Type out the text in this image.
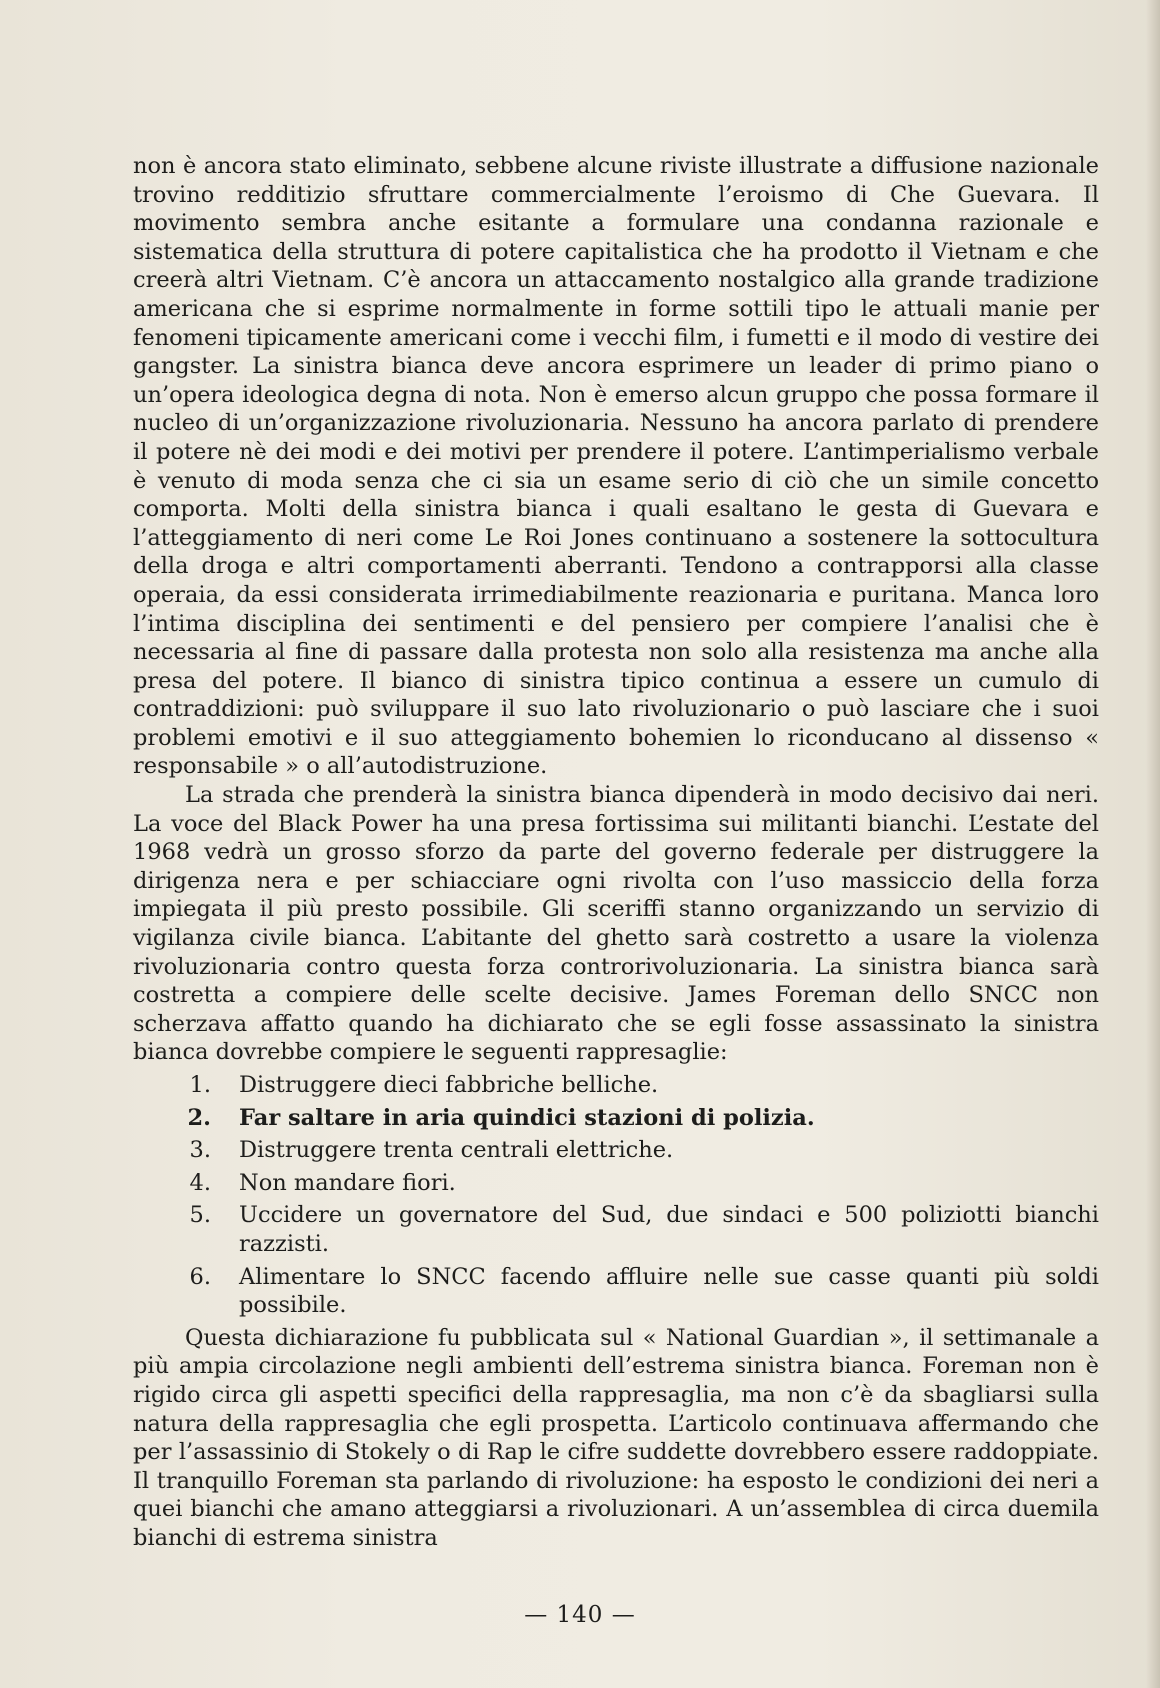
non è ancora stato eliminato, sebbene alcune riviste illustrate a diffusione nazionale trovino redditizio sfruttare commercialmente l’eroismo di Che Guevara. Il movimento sembra anche esitante a formulare una condanna razionale e sistematica della struttura di potere capitalistica che ha prodotto il Vietnam e che creerà altri Vietnam. C’è ancora un attaccamento nostalgico alla grande tradizione americana che si esprime normalmente in forme sottili tipo le attuali manie per fenomeni tipicamente americani come i vecchi film, i fumetti e il modo di vestire dei gangster. La sinistra bianca deve ancora esprimere un leader di primo piano o un’opera ideologica degna di nota. Non è emerso alcun gruppo che possa formare il nucleo di un’organizzazione rivoluzionaria. Nessuno ha ancora parlato di prendere il potere nè dei modi e dei motivi per prendere il potere. L’antimperialismo verbale è venuto di moda senza che ci sia un esame serio di ciò che un simile concetto comporta. Molti della sinistra bianca i quali esaltano le gesta di Guevara e l’atteggiamento di neri come Le Roi Jones continuano a sostenere la sottocultura della droga e altri comportamenti aberranti. Tendono a contrapporsi alla classe operaia, da essi considerata irrimediabilmente reazionaria e puritana. Manca loro l’intima disciplina dei sentimenti e del pensiero per compiere l’analisi che è necessaria al fine di passare dalla protesta non solo alla resistenza ma anche alla presa del potere. Il bianco di sinistra tipico continua a essere un cumulo di contraddizioni: può sviluppare il suo lato rivoluzionario o può lasciare che i suoi problemi emotivi e il suo atteggiamento bohemien lo riconducano al dissenso « responsabile » o all’autodistruzione.

La strada che prenderà la sinistra bianca dipenderà in modo decisivo dai neri. La voce del Black Power ha una presa fortissima sui militanti bianchi. L’estate del 1968 vedrà un grosso sforzo da parte del governo federale per distruggere la dirigenza nera e per schiacciare ogni rivolta con l’uso massiccio della forza impiegata il più presto possibile. Gli sceriffi stanno organizzando un servizio di vigilanza civile bianca. L’abitante del ghetto sarà costretto a usare la violenza rivoluzionaria contro questa forza controrivoluzionaria. La sinistra bianca sarà costretta a compiere delle scelte decisive. James Foreman dello SNCC non scherzava affatto quando ha dichiarato che se egli fosse assassinato la sinistra bianca dovrebbe compiere le seguenti rappresaglie:

1.	Distruggere dieci fabbriche belliche.
2.	Far saltare in aria quindici stazioni di polizia.
3.	Distruggere trenta centrali elettriche.
4.	Non mandare fiori.
5.	Uccidere un governatore del Sud, due sindaci e 500 poliziotti bianchi razzisti.
6.	Alimentare lo SNCC facendo affluire nelle sue casse quanti più soldi possibile.

Questa dichiarazione fu pubblicata sul « National Guardian », il settimanale a più ampia circolazione negli ambienti dell’estrema sinistra bianca. Foreman non è rigido circa gli aspetti specifici della rappresaglia, ma non c’è da sbagliarsi sulla natura della rappresaglia che egli prospetta. L’articolo continuava affermando che per l’assassinio di Stokely o di Rap le cifre suddette dovrebbero essere raddoppiate. Il tranquillo Foreman sta parlando di rivoluzione: ha esposto le condizioni dei neri a quei bianchi che amano atteggiarsi a rivoluzionari. A un’assemblea di circa duemila bianchi di estrema sinistra

— 140 —
